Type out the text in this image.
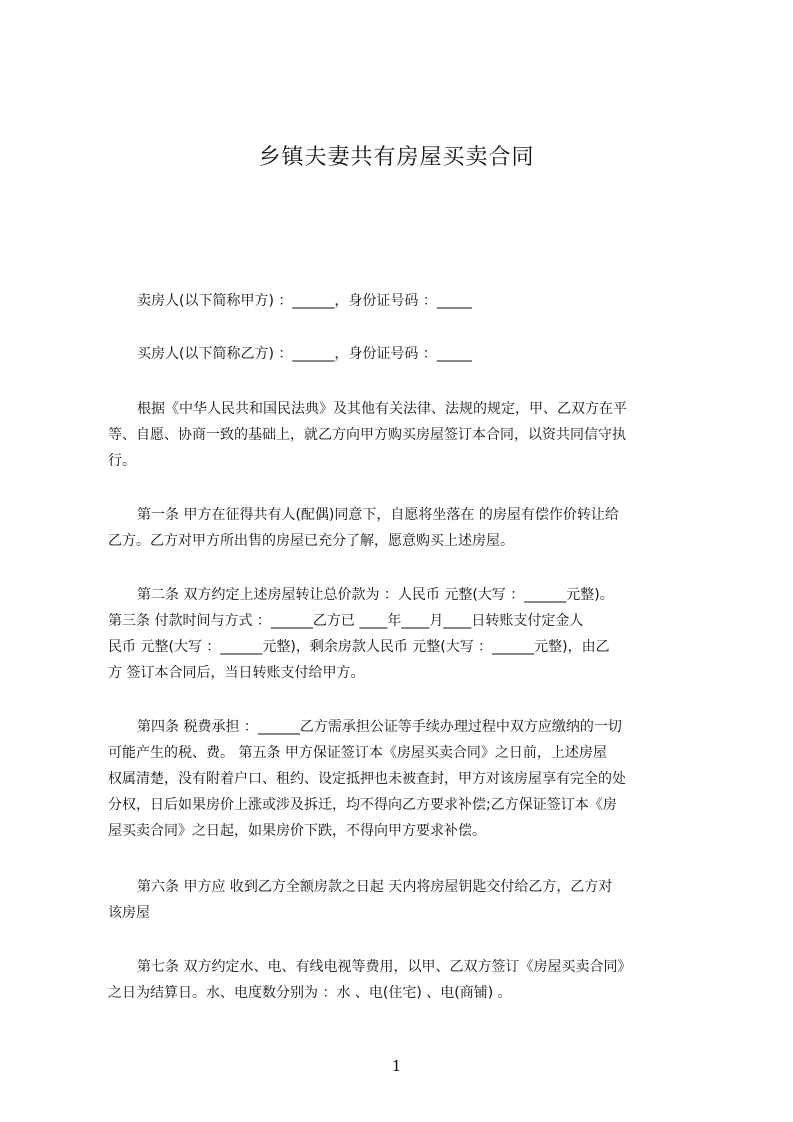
乡镇夫妻共有房屋买卖合同
卖房人(以下简称甲方) ：______，身份证号码 ：_____
买房人(以下简称乙方) ：______，身份证号码 ：_____
根据《中华人民共和国民法典》及其他有关法律、法规的规定，甲、乙双方在平
等、自愿、协商一致的基础上，就乙方向甲方购买房屋签订本合同，以资共同信守执
行。
第一条 甲方在征得共有人(配偶)同意下，自愿将坐落在 的房屋有偿作价转让给
乙方。乙方对甲方所出售的房屋已充分了解，愿意购买上述房屋。
第二条 双方约定上述房屋转让总价款为 ：人民币 元整(大写 ：______元整)。
第三条 付款时间与方式 ：______乙方已 ____年____月____日转账支付定金人
民币 元整(大写 ：______元整)，剩余房款人民币 元整(大写 ：______元整)，由乙
方 签订本合同后，当日转账支付给甲方。
第四条 税费承担 ：______乙方需承担公证等手续办理过程中双方应缴纳的一切
可能产生的税、费。 第五条 甲方保证签订本《房屋买卖合同》之日前，上述房屋
权属清楚，没有附着户口、租约、设定抵押也未被查封，甲方对该房屋享有完全的处
分权，日后如果房价上涨或涉及拆迁，均不得向乙方要求补偿;乙方保证签订本《房
屋买卖合同》之日起，如果房价下跌，不得向甲方要求补偿。
第六条 甲方应 收到乙方全额房款之日起 天内将房屋钥匙交付给乙方，乙方对
该房屋
第七条 双方约定水、电、有线电视等费用，以甲、乙双方签订《房屋买卖合同》
之日为结算日。水、电度数分别为 ：水 、电(住宅) 、电(商铺) 。
1
